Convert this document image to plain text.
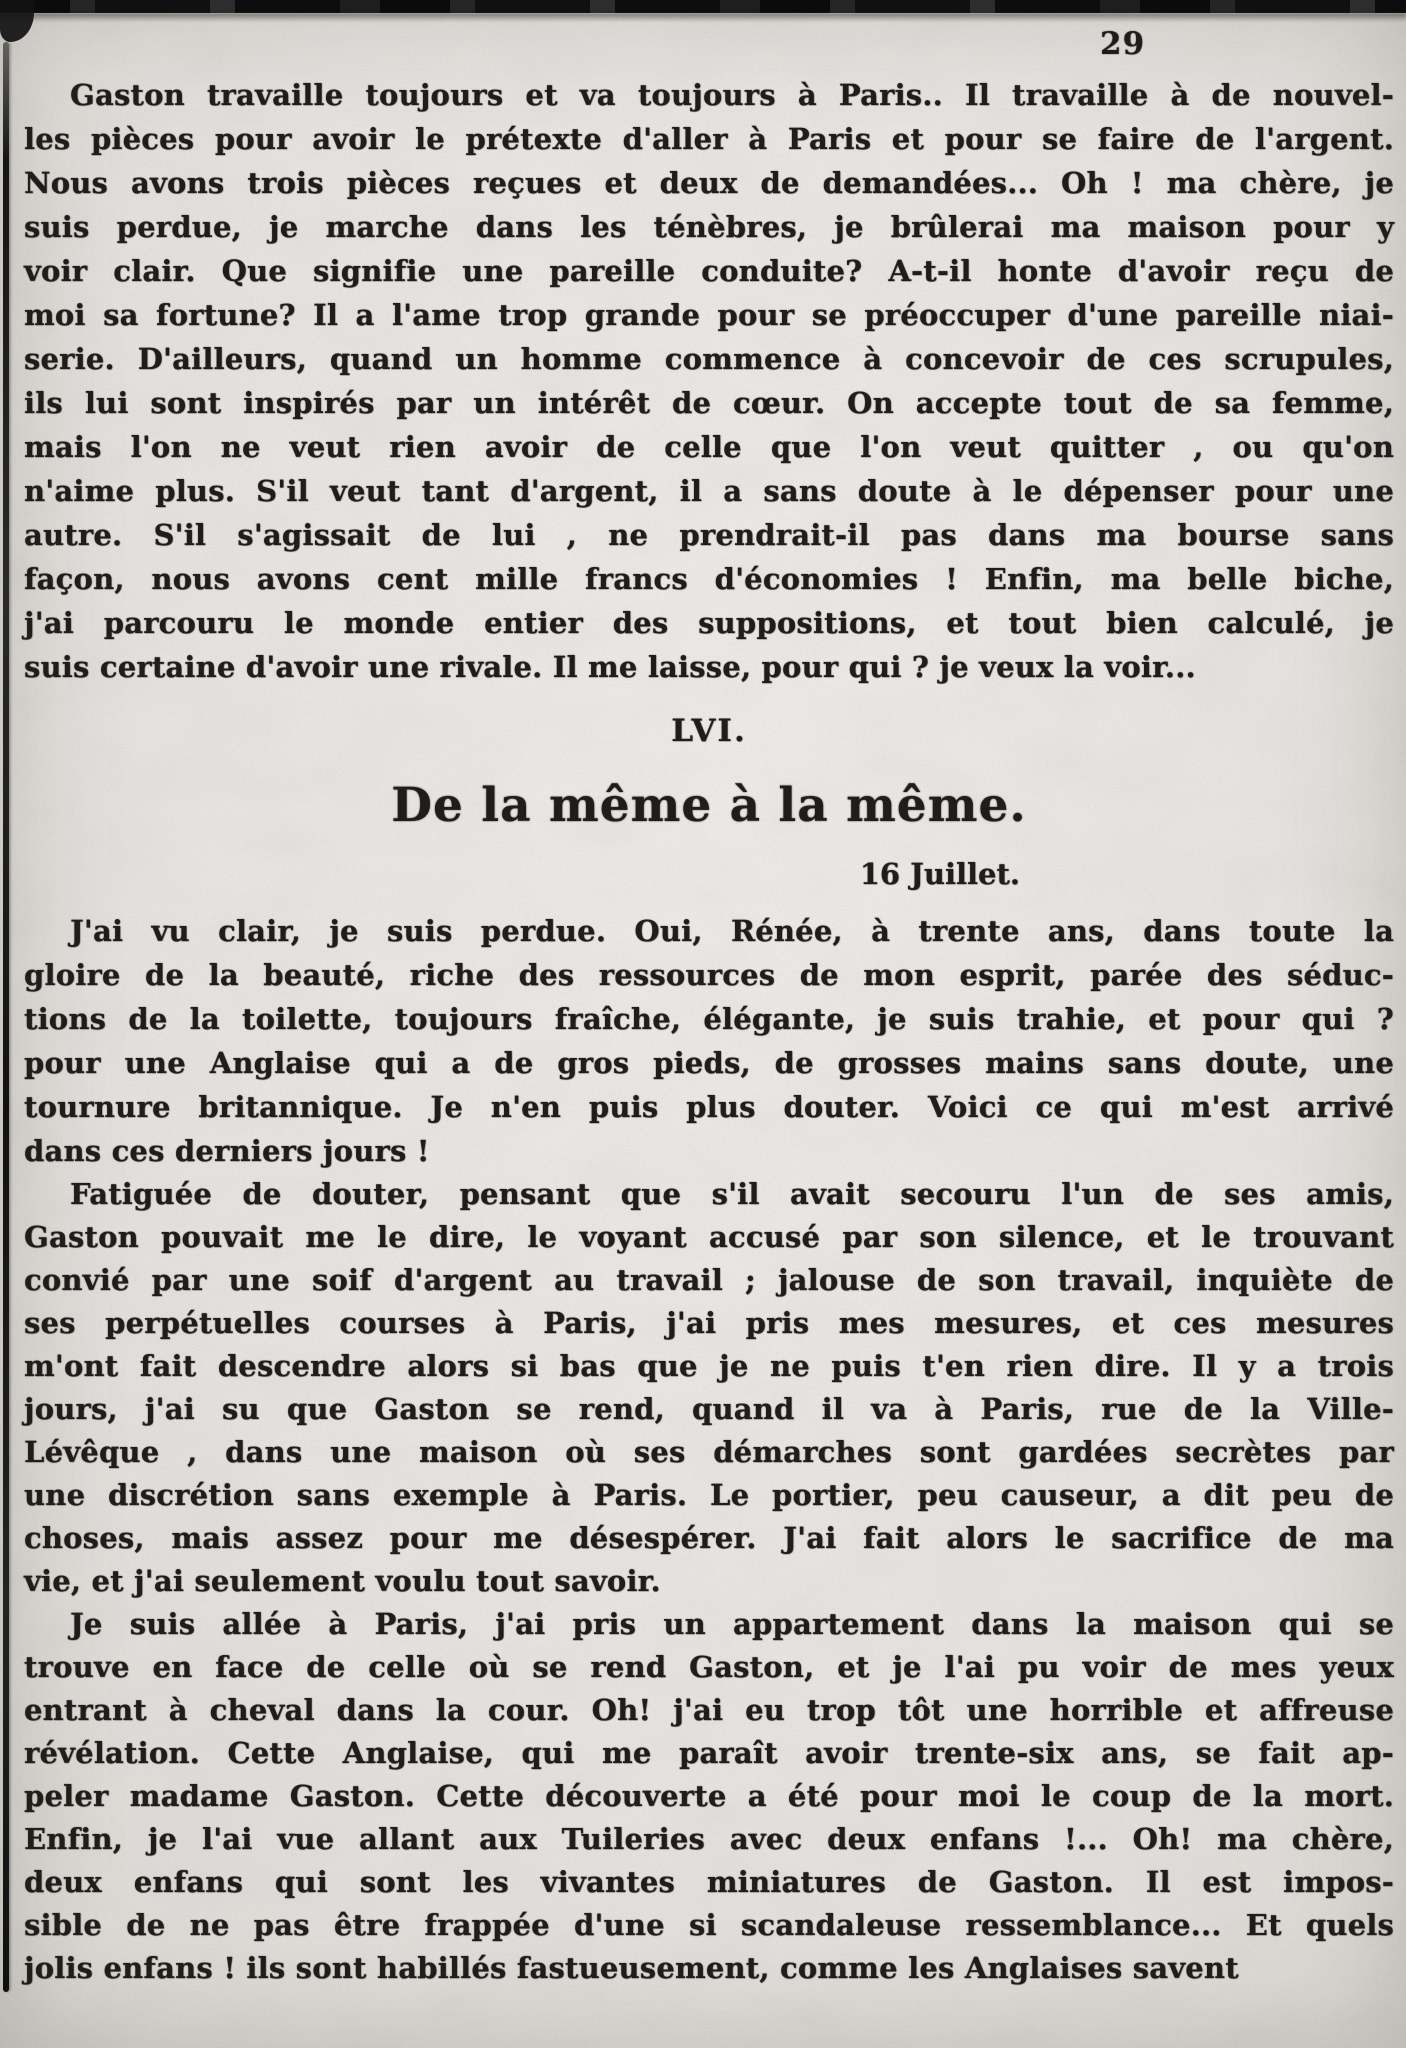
29
Gaston travaille toujours et va toujours à Paris.. Il travaille à de nouvel-
les pièces pour avoir le prétexte d'aller à Paris et pour se faire de l'argent.
Nous avons trois pièces reçues et deux de demandées... Oh ! ma chère, je
suis perdue, je marche dans les ténèbres, je brûlerai ma maison pour y
voir clair. Que signifie une pareille conduite? A-t-il honte d'avoir reçu de
moi sa fortune? Il a l'ame trop grande pour se préoccuper d'une pareille niai-
serie. D'ailleurs, quand un homme commence à concevoir de ces scrupules,
ils lui sont inspirés par un intérêt de cœur. On accepte tout de sa femme,
mais l'on ne veut rien avoir de celle que l'on veut quitter , ou qu'on
n'aime plus. S'il veut tant d'argent, il a sans doute à le dépenser pour une
autre. S'il s'agissait de lui , ne prendrait-il pas dans ma bourse sans
façon, nous avons cent mille francs d'économies ! Enfin, ma belle biche,
j'ai parcouru le monde entier des suppositions, et tout bien calculé, je
suis certaine d'avoir une rivale. Il me laisse, pour qui ? je veux la voir...
LVI.
De la même à la même.
16 Juillet.
J'ai vu clair, je suis perdue. Oui, Rénée, à trente ans, dans toute la
gloire de la beauté, riche des ressources de mon esprit, parée des séduc-
tions de la toilette, toujours fraîche, élégante, je suis trahie, et pour qui ?
pour une Anglaise qui a de gros pieds, de grosses mains sans doute, une
tournure britannique. Je n'en puis plus douter. Voici ce qui m'est arrivé
dans ces derniers jours !
Fatiguée de douter, pensant que s'il avait secouru l'un de ses amis,
Gaston pouvait me le dire, le voyant accusé par son silence, et le trouvant
convié par une soif d'argent au travail ; jalouse de son travail, inquiète de
ses perpétuelles courses à Paris, j'ai pris mes mesures, et ces mesures
m'ont fait descendre alors si bas que je ne puis t'en rien dire. Il y a trois
jours, j'ai su que Gaston se rend, quand il va à Paris, rue de la Ville-
Lévêque , dans une maison où ses démarches sont gardées secrètes par
une discrétion sans exemple à Paris. Le portier, peu causeur, a dit peu de
choses, mais assez pour me désespérer. J'ai fait alors le sacrifice de ma
vie, et j'ai seulement voulu tout savoir.
Je suis allée à Paris, j'ai pris un appartement dans la maison qui se
trouve en face de celle où se rend Gaston, et je l'ai pu voir de mes yeux
entrant à cheval dans la cour. Oh! j'ai eu trop tôt une horrible et affreuse
révélation. Cette Anglaise, qui me paraît avoir trente-six ans, se fait ap-
peler madame Gaston. Cette découverte a été pour moi le coup de la mort.
Enfin, je l'ai vue allant aux Tuileries avec deux enfans !... Oh! ma chère,
deux enfans qui sont les vivantes miniatures de Gaston. Il est impos-
sible de ne pas être frappée d'une si scandaleuse ressemblance... Et quels
jolis enfans ! ils sont habillés fastueusement, comme les Anglaises savent
